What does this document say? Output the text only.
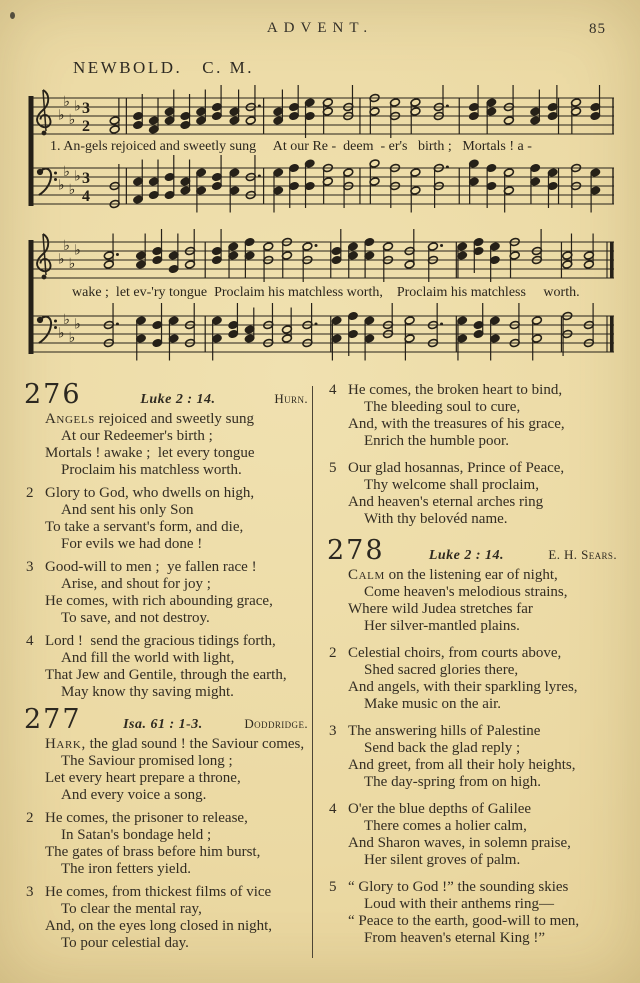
ADVENT.	85
NEWBOLD. C. M.
♭
♭
♭
♭ 3
2
♭
♭
♭
♭ 3
4
♭
♭
♭
♭
♭
♭
♭
♭
1. An-gels rejoiced and sweetly sung     At our Re -  deem  - er's   birth ;   Mortals ! a -
wake ;  let ev-'ry tongue  Proclaim his matchless worth,    Proclaim his matchless     worth.
276	Luke 2 : 14.	Hurn.
Angels rejoiced and sweetly sung
At our Redeemer's birth ;
Mortals ! awake ;  let every tongue
Proclaim his matchless worth.
2 Glory to God, who dwells on high,
And sent his only Son
To take a servant's form, and die,
For evils we had done !
3 Good-will to men ;  ye fallen race !
Arise, and shout for joy ;
He comes, with rich abounding grace,
To save, and not destroy.
4 Lord !  send the gracious tidings forth,
And fill the world with light,
That Jew and Gentile, through the earth,
May know thy saving might.
277	Isa. 61 : 1-3.	Doddridge.
Hark, the glad sound ! the Saviour comes,
The Saviour promised long ;
Let every heart prepare a throne,
And every voice a song.
2 He comes, the prisoner to release,
In Satan's bondage held ;
The gates of brass before him burst,
The iron fetters yield.
3 He comes, from thickest films of vice
To clear the mental ray,
And, on the eyes long closed in night,
To pour celestial day.
4 He comes, the broken heart to bind,
The bleeding soul to cure,
And, with the treasures of his grace,
Enrich the humble poor.
5 Our glad hosannas, Prince of Peace,
Thy welcome shall proclaim,
And heaven's eternal arches ring
With thy belovéd name.
278	Luke 2 : 14.	E. H. Sears.
Calm on the listening ear of night,
Come heaven's melodious strains,
Where wild Judea stretches far
Her silver-mantled plains.
2 Celestial choirs, from courts above,
Shed sacred glories there,
And angels, with their sparkling lyres,
Make music on the air.
3 The answering hills of Palestine
Send back the glad reply ;
And greet, from all their holy heights,
The day-spring from on high.
4 O'er the blue depths of Galilee
There comes a holier calm,
And Sharon waves, in solemn praise,
Her silent groves of palm.
5 “ Glory to God !” the sounding skies
Loud with their anthems ring—
“ Peace to the earth, good-will to men,
From heaven's eternal King !”
